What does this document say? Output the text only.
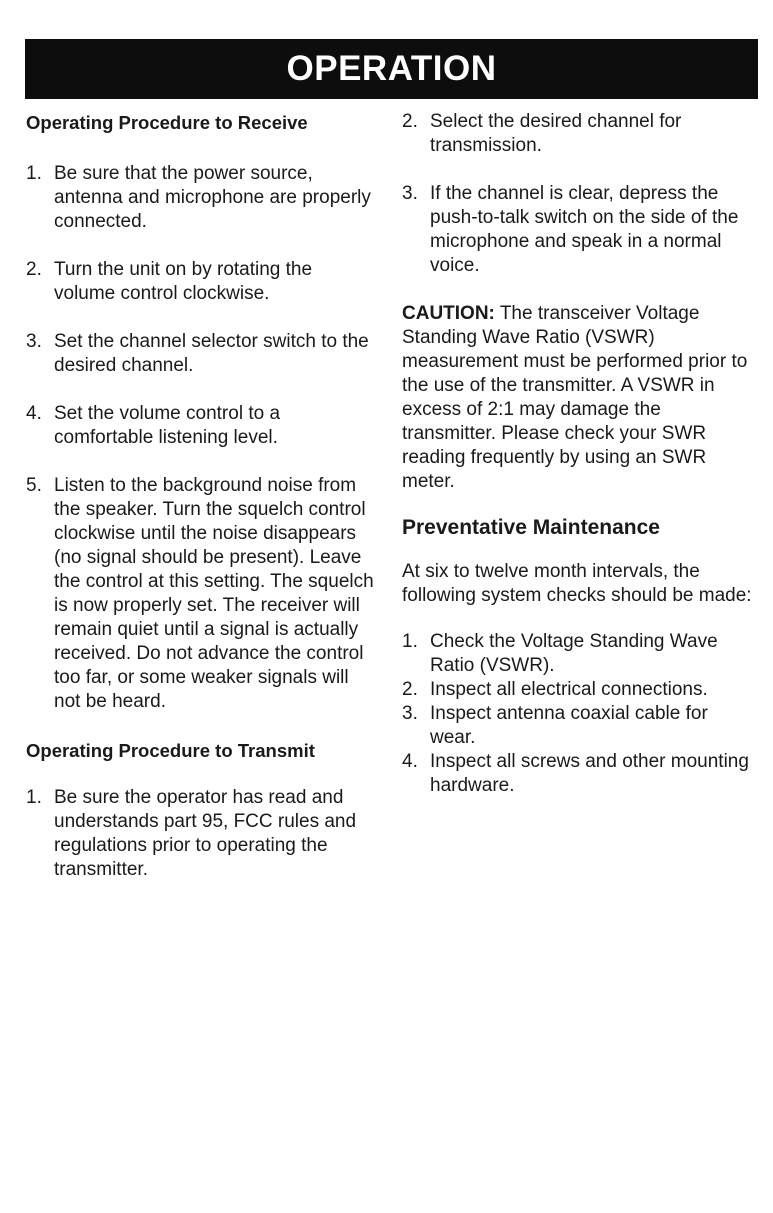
OPERATION
Operating Procedure to Receive
1. Be sure that the power source, antenna and microphone are properly connected.
2. Turn the unit on by rotating the volume control clockwise.
3. Set the channel selector switch to the desired channel.
4. Set the volume control to a comfortable listening level.
5. Listen to the background noise from the speaker. Turn the squelch control clockwise until the noise disappears (no signal should be present). Leave the control at this setting. The squelch is now properly set. The receiver will remain quiet until a signal is actually received. Do not advance the control too far, or some weaker signals will not be heard.
Operating Procedure to Transmit
1. Be sure the operator has read and understands part 95, FCC rules and regulations prior to operating the transmitter.
2. Select the desired channel for transmission.
3. If the channel is clear, depress the push-to-talk switch on the side of the microphone and speak in a normal voice.

CAUTION: The transceiver Voltage Standing Wave Ratio (VSWR) measurement must be performed prior to the use of the transmitter. A VSWR in excess of 2:1 may damage the transmitter. Please check your SWR reading frequently by using an SWR meter.

Preventative Maintenance

At six to twelve month intervals, the following system checks should be made:

1. Check the Voltage Standing Wave Ratio (VSWR).
2. Inspect all electrical connections.
3. Inspect antenna coaxial cable for wear.
4. Inspect all screws and other mounting hardware.
